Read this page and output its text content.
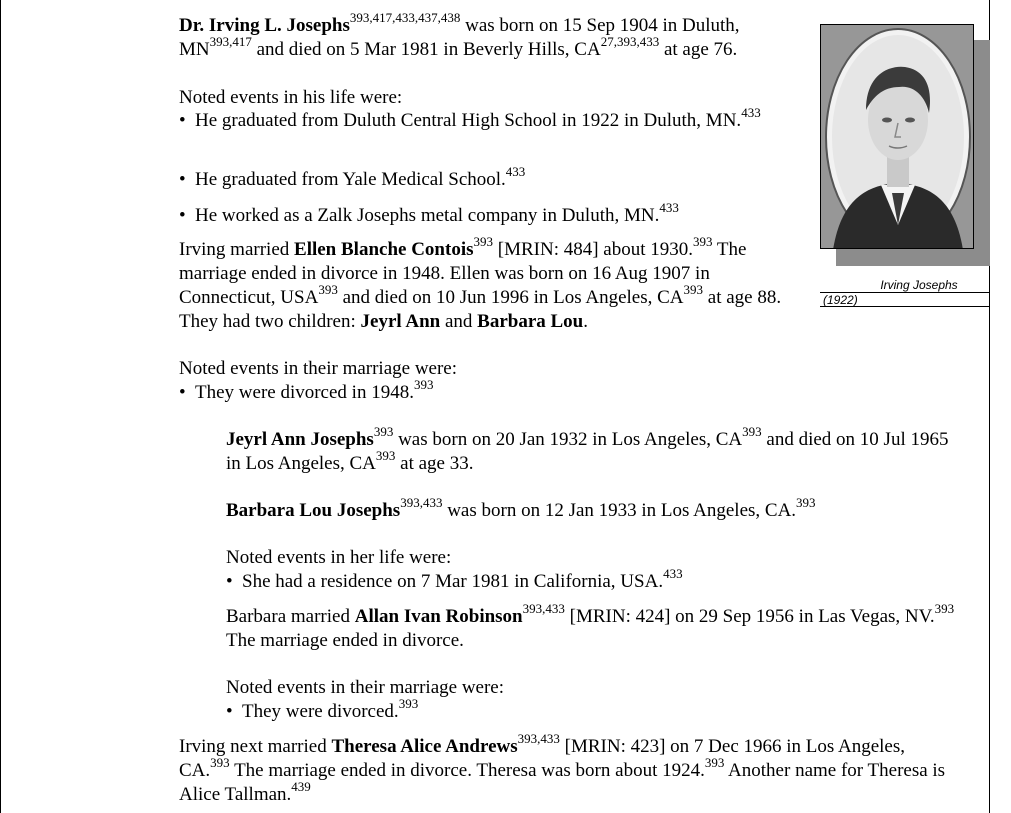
Dr. Irving L. Josephs$^{393,417,433,437,438}$ was born on 15 Sep 1904 in Duluth, MN$^{393,417}$ and died on 5 Mar 1981 in Beverly Hills, CA$^{27,393,433}$ at age 76.

Noted events in his life were:

• He graduated from Duluth Central High School in 1922 in Duluth, MN.$^{433}$
• He graduated from Yale Medical School.$^{433}$
• He worked as a Zalk Josephs metal company in Duluth, MN.$^{433}$

Irving married Ellen Blanche Contois$^{393}$ [MRIN: 484] about 1930.$^{393}$ The marriage ended in divorce in 1948. Ellen was born on 16 Aug 1907 in Connecticut, USA$^{393}$ and died on 10 Jun 1996 in Los Angeles, CA$^{393}$ at age 88. They had two children: Jeyrl Ann and Barbara Lou.

Noted events in their marriage were:

• They were divorced in 1948.$^{393}$

Jeyrl Ann Josephs$^{393}$ was born on 20 Jan 1932 in Los Angeles, CA$^{393}$ and died on 10 Jul 1965 in Los Angeles, CA$^{393}$ at age 33.

Barbara Lou Josephs$^{393,433}$ was born on 12 Jan 1933 in Los Angeles, CA.$^{393}$

Noted events in her life were:

• She had a residence on 7 Mar 1981 in California, USA.$^{433}$

Barbara married Allan Ivan Robinson$^{393,433}$ [MRIN: 424] on 29 Sep 1956 in Las Vegas, NV.$^{393}$ The marriage ended in divorce.

Noted events in their marriage were:

• They were divorced.$^{393}$

Irving next married Theresa Alice Andrews$^{393,433}$ [MRIN: 423] on 7 Dec 1966 in Los Angeles, CA.$^{393}$ The marriage ended in divorce. Theresa was born about 1924.$^{393}$ Another name for Theresa is Alice Tallman.$^{439}$

Irving Josephs
(1922)
